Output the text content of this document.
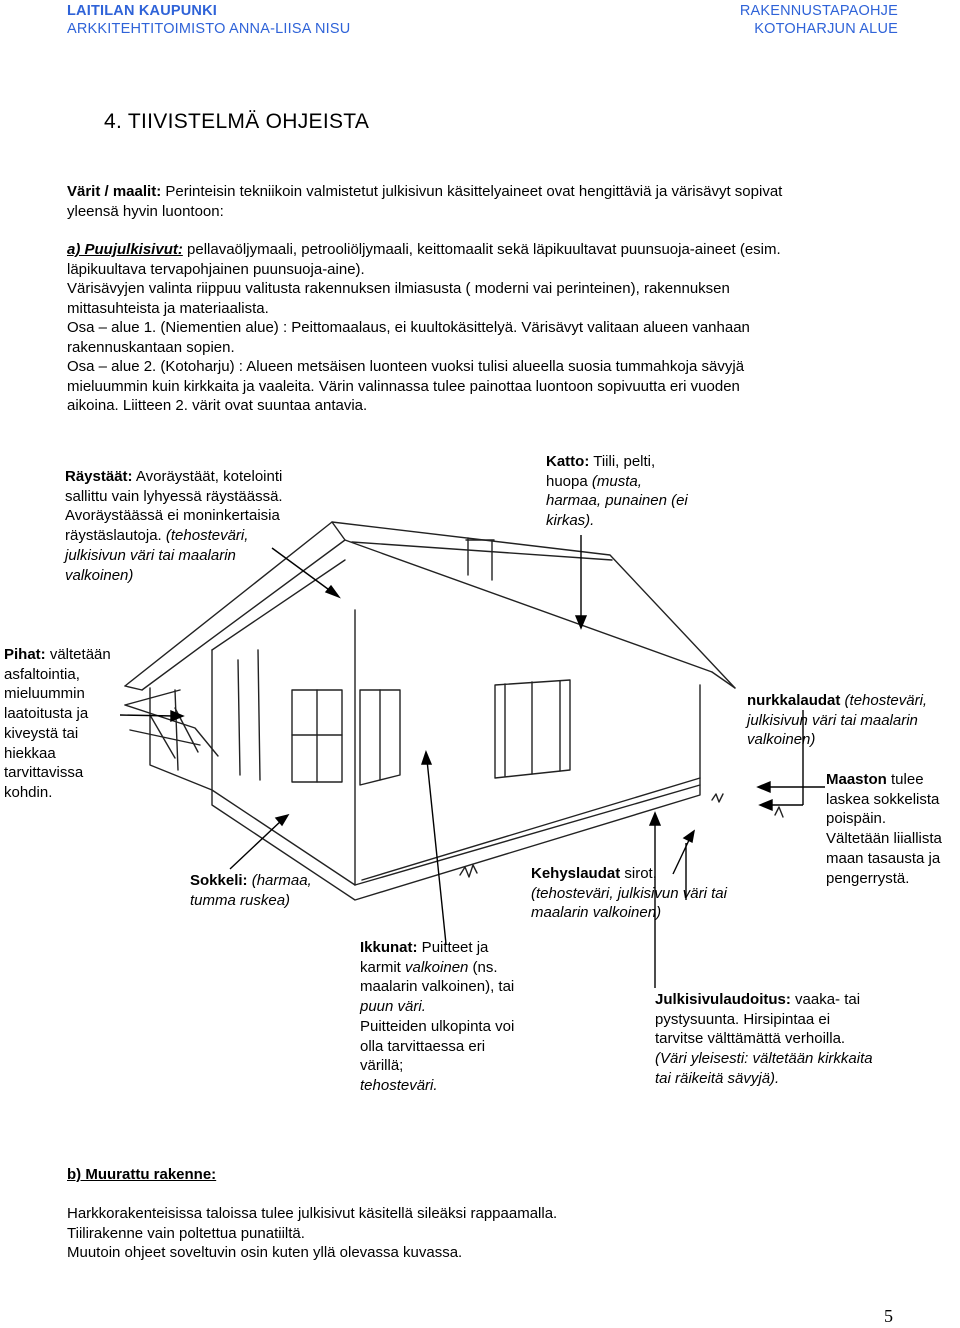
LAITILAN KAUPUNKI
ARKKITEHTITOIMISTO ANNA-LIISA NISU
RAKENNUSTAPAOHJE
KOTOHARJUN ALUE
4. TIIVISTELMÄ OHJEISTA
Värit / maalit: Perinteisin tekniikoin valmistetut julkisivun käsittelyaineet ovat hengittäviä ja värisävyt sopivat
yleensä hyvin luontoon:
a) Puujulkisivut: pellavaöljymaali, petrooliöljymaali, keittomaalit sekä läpikuultavat puunsuoja-aineet (esim.
läpikuultava tervapohjainen puunsuoja-aine).
Värisävyjen valinta riippuu valitusta rakennuksen ilmiasusta ( moderni vai perinteinen), rakennuksen
mittasuhteista ja materiaalista.
Osa – alue 1. (Niementien alue) : Peittomaalaus, ei kuultokäsittelyä. Värisävyt valitaan alueen vanhaan
rakennuskantaan sopien.
Osa – alue 2. (Kotoharju) : Alueen metsäisen luonteen vuoksi tulisi alueella suosia tummahkoja sävyjä
mieluummin kuin kirkkaita ja vaaleita. Värin valinnassa tulee painottaa luontoon sopivuutta eri vuoden
aikoina. Liitteen 2. värit ovat suuntaa antavia.
Räystäät: Avoräystäät, kotelointi
sallittu vain lyhyessä räystäässä.
Avoräystäässä ei moninkertaisia
räystäslautoja. (tehosteväri,
julkisivun väri tai maalarin
valkoinen)
Katto: Tiili, pelti,
huopa (musta,
harmaa, punainen (ei
kirkas).
Pihat: vältetään
asfaltointia,
mieluummin
laatoitusta ja
kiveystä tai
hiekkaa
tarvittavissa
kohdin.
nurkkalaudat (tehosteväri,
julkisivun väri tai maalarin
valkoinen)
Maaston tulee
laskea sokkelista
poispäin.
Vältetään liiallista
maan tasausta ja
pengerrystä.
Sokkeli: (harmaa,
tumma ruskea)
Kehyslaudat sirot,
(tehosteväri, julkisivun väri tai
maalarin valkoinen)
Ikkunat: Puitteet ja
karmit valkoinen (ns.
maalarin valkoinen), tai
puun väri.
Puitteiden ulkopinta voi
olla tarvittaessa eri
värillä;
tehosteväri.
Julkisivulaudoitus: vaaka- tai
pystysuunta. Hirsipintaa ei
tarvitse välttämättä verhoilla.
(Väri yleisesti: vältetään kirkkaita
tai räikeitä sävyjä).
b) Muurattu rakenne:
Harkkorakenteisissa taloissa tulee julkisivut käsitellä sileäksi rappaamalla.
Tiilirakenne vain poltettua punatiiltä.
Muutoin ohjeet soveltuvin osin kuten yllä olevassa kuvassa.
5
